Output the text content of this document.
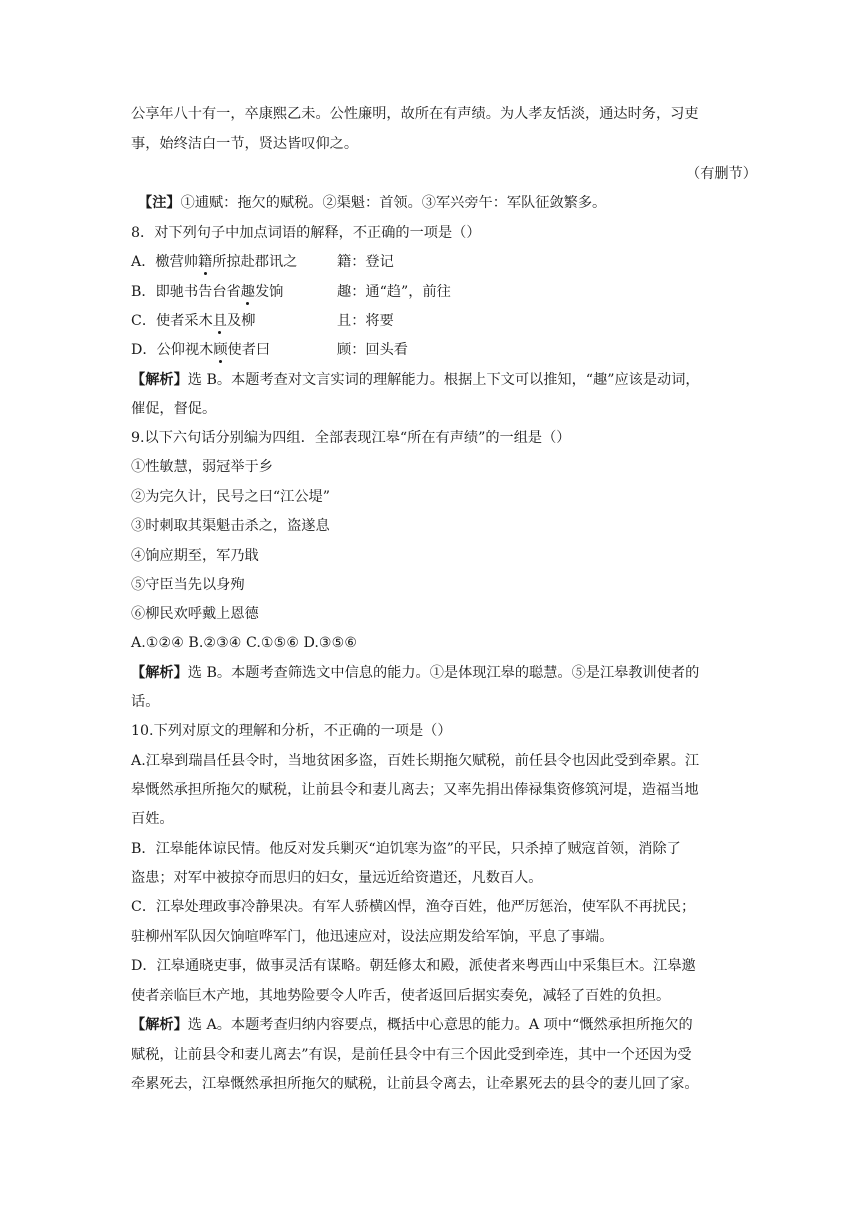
公享年八十有一，卒康熙乙未。公性廉明，故所在有声绩。为人孝友恬淡，通达时务，习吏
事，始终洁白一节，贤达皆叹仰之。
（有删节）
【注】①逋赋：拖欠的赋税。②渠魁：首领。③军兴旁午：军队征敛繁多。
8．对下列句子中加点词语的解释，不正确的一项是（）
A．檄营帅籍所掠赴郡讯之	籍：登记
B．即驰书告台省趣发饷	趣：通“趋”，前往
C．使者采木且及柳	且：将要
D．公仰视木顾使者曰	顾：回头看
【解析】选 B。本题考查对文言实词的理解能力。根据上下文可以推知，“趣”应该是动词，
催促，督促。
9.以下六句话分别编为四组．全部表现江皋“所在有声绩”的一组是（）
①性敏慧，弱冠举于乡
②为完久计，民号之曰“江公堤”
③时刺取其渠魁击杀之，盗遂息
④饷应期至，军乃戢
⑤守臣当先以身殉
⑥柳民欢呼戴上恩德
A.①②④ B.②③④ C.①⑤⑥ D.③⑤⑥
【解析】选 B。本题考查筛选文中信息的能力。①是体现江皋的聪慧。⑤是江皋教训使者的
话。
10.下列对原文的理解和分析，不正确的一项是（）
A.江皋到瑞昌任县令时，当地贫困多盗，百姓长期拖欠赋税，前任县令也因此受到牵累。江
皋慨然承担所拖欠的赋税，让前县令和妻儿离去；又率先捐出俸禄集资修筑河堤，造福当地
百姓。
B．江皋能体谅民情。他反对发兵剿灭“迫饥寒为盗”的平民，只杀掉了贼寇首领，消除了
盗患；对军中被掠夺而思归的妇女，量远近给资遣还，凡数百人。
C．江皋处理政事冷静果决。有军人骄横凶悍，渔夺百姓，他严厉惩治，使军队不再扰民；
驻柳州军队因欠饷喧哗军门，他迅速应对，设法应期发给军饷，平息了事端。
D．江皋通晓吏事，做事灵活有谋略。朝廷修太和殿，派使者来粤西山中采集巨木。江皋邀
使者亲临巨木产地，其地势险要令人咋舌，使者返回后据实奏免，减轻了百姓的负担。
【解析】选 A。本题考查归纳内容要点，概括中心意思的能力。A 项中“慨然承担所拖欠的
赋税，让前县令和妻儿离去”有误，是前任县令中有三个因此受到牵连，其中一个还因为受
牵累死去，江皋慨然承担所拖欠的赋税，让前县令离去，让牵累死去的县令的妻儿回了家。
